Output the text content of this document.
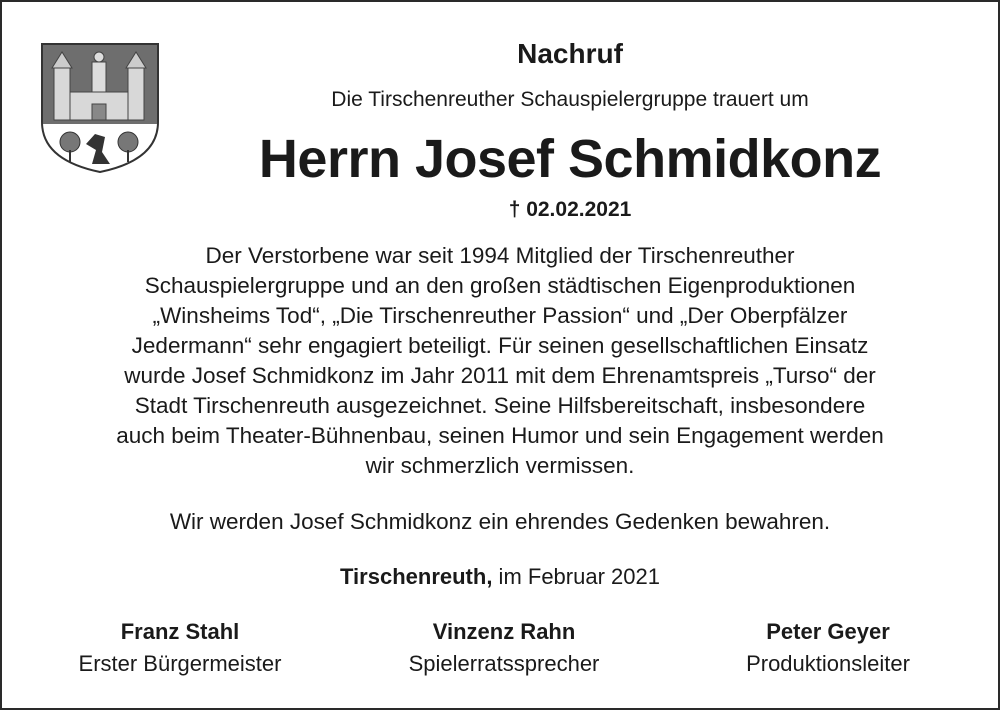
Nachruf
Die Tirschenreuther Schauspielergruppe trauert um
Herrn Josef Schmidkonz
† 02.02.2021
Der Verstorbene war seit 1994 Mitglied der Tirschenreuther
Schauspielergruppe und an den großen städtischen Eigenproduktionen
„Winsheims Tod“, „Die Tirschenreuther Passion“ und „Der Oberpfälzer
Jedermann“ sehr engagiert beteiligt. Für seinen gesellschaftlichen Einsatz
wurde Josef Schmidkonz im Jahr 2011 mit dem Ehrenamtspreis „Turso“ der
Stadt Tirschenreuth ausgezeichnet. Seine Hilfsbereitschaft, insbesondere
auch beim Theater-Bühnenbau, seinen Humor und sein Engagement werden
wir schmerzlich vermissen.
Wir werden Josef Schmidkonz ein ehrendes Gedenken bewahren.
Tirschenreuth, im Februar 2021
Franz Stahl
Erster Bürgermeister
Vinzenz Rahn
Spielerratssprecher
Peter Geyer
Produktionsleiter
